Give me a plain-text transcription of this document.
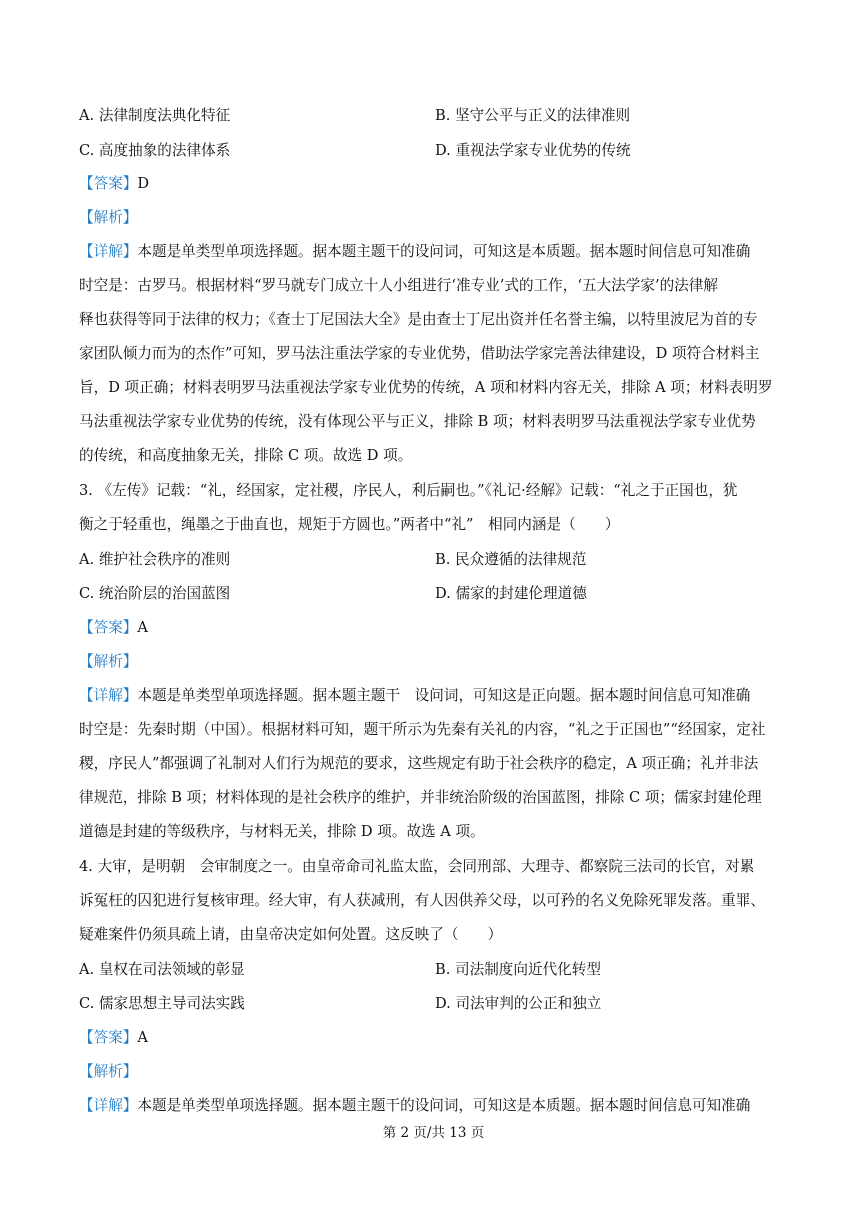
A. 法律制度法典化特征	B. 坚守公平与正义的法律准则
C. 高度抽象的法律体系	D. 重视法学家专业优势的传统
【答案】D
【解析】
【详解】本题是单类型单项选择题。据本题主题干的设问词，可知这是本质题。据本题时间信息可知准确
时空是：古罗马。根据材料“罗马就专门成立十人小组进行‘准专业’式的工作，‘五大法学家’的法律解
释也获得等同于法律的权力；《查士丁尼国法大全》是由查士丁尼出资并任名誉主编，以特里波尼为首的专
家团队倾力而为的杰作”可知，罗马法注重法学家的专业优势，借助法学家完善法律建设，D 项符合材料主
旨，D 项正确；材料表明罗马法重视法学家专业优势的传统，A 项和材料内容无关，排除 A 项；材料表明罗
马法重视法学家专业优势的传统，没有体现公平与正义，排除 B 项；材料表明罗马法重视法学家专业优势
的传统，和高度抽象无关，排除 C 项。故选 D 项。
3. 《左传》记载：“礼，经国家，定社稷，序民人，利后嗣也。”《礼记·经解》记载：“礼之于正国也，犹
衡之于轻重也，绳墨之于曲直也，规矩于方圆也。”两者中“礼”　相同内涵是（　　）
A. 维护社会秩序的准则	B. 民众遵循的法律规范
C. 统治阶层的治国蓝图	D. 儒家的封建伦理道德
【答案】A
【解析】
【详解】本题是单类型单项选择题。据本题主题干　设问词，可知这是正向题。据本题时间信息可知准确
时空是：先秦时期（中国）。根据材料可知，题干所示为先秦有关礼的内容，“礼之于正国也”“经国家，定社
稷，序民人”都强调了礼制对人们行为规范的要求，这些规定有助于社会秩序的稳定，A 项正确；礼并非法
律规范，排除 B 项；材料体现的是社会秩序的维护，并非统治阶级的治国蓝图，排除 C 项；儒家封建伦理
道德是封建的等级秩序，与材料无关，排除 D 项。故选 A 项。
4. 大审，是明朝　会审制度之一。由皇帝命司礼监太监，会同刑部、大理寺、都察院三法司的长官，对累
诉冤枉的囚犯进行复核审理。经大审，有人获减刑，有人因供养父母，以可矜的名义免除死罪发落。重罪、
疑难案件仍须具疏上请，由皇帝决定如何处置。这反映了（　　）
A. 皇权在司法领域的彰显	B. 司法制度向近代化转型
C. 儒家思想主导司法实践	D. 司法审判的公正和独立
【答案】A
【解析】
【详解】本题是单类型单项选择题。据本题主题干的设问词，可知这是本质题。据本题时间信息可知准确
第 2 页/共 13 页
